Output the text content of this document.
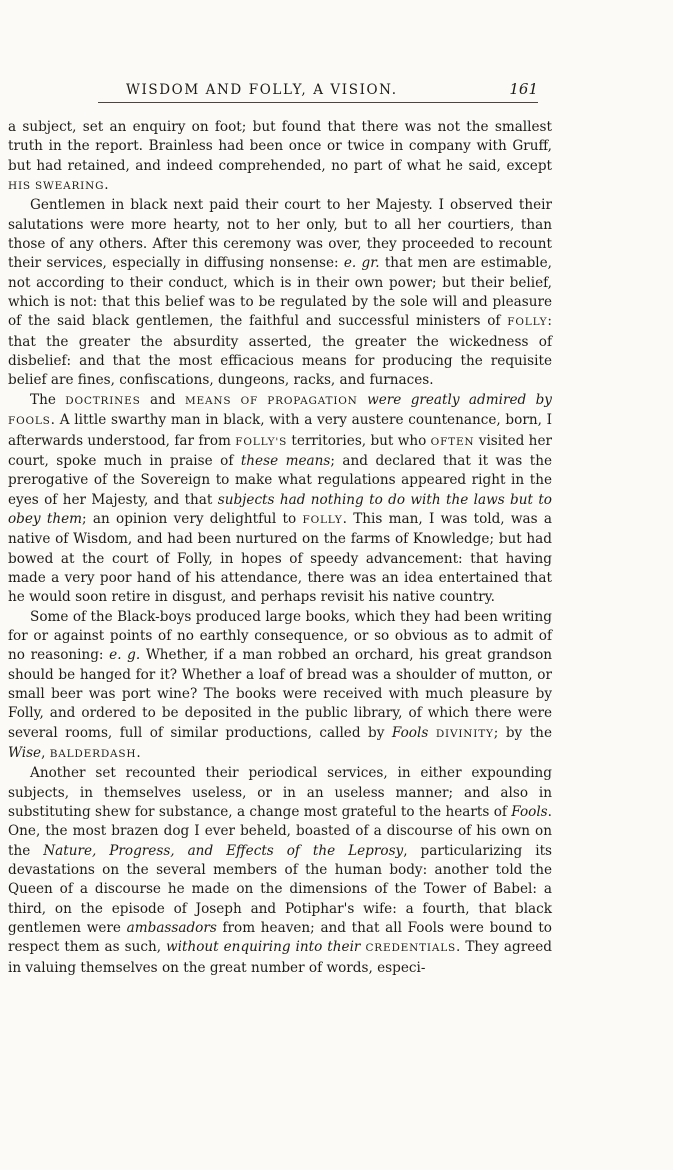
WISDOM AND FOLLY, A VISION.	161

a subject, set an enquiry on foot; but found that there was not the smallest truth in the report. Brainless had been once or twice in company with Gruff, but had retained, and indeed comprehended, no part of what he said, except HIS SWEARING.

Gentlemen in black next paid their court to her Majesty. I observed their salutations were more hearty, not to her only, but to all her courtiers, than those of any others. After this ceremony was over, they proceeded to recount their services, especially in diffusing nonsense: e. gr. that men are estimable, not according to their conduct, which is in their own power; but their belief, which is not: that this belief was to be regulated by the sole will and pleasure of the said black gentlemen, the faithful and successful ministers of FOLLY: that the greater the absurdity asserted, the greater the wickedness of disbelief: and that the most efficacious means for producing the requisite belief are fines, confiscations, dungeons, racks, and furnaces.

The DOCTRINES and MEANS OF PROPAGATION were greatly admired by FOOLS. A little swarthy man in black, with a very austere countenance, born, I afterwards understood, far from FOLLY'S territories, but who OFTEN visited her court, spoke much in praise of these means; and declared that it was the prerogative of the Sovereign to make what regulations appeared right in the eyes of her Majesty, and that subjects had nothing to do with the laws but to obey them; an opinion very delightful to FOLLY. This man, I was told, was a native of Wisdom, and had been nurtured on the farms of Knowledge; but had bowed at the court of Folly, in hopes of speedy advancement: that having made a very poor hand of his attendance, there was an idea entertained that he would soon retire in disgust, and perhaps revisit his native country.

Some of the Black-boys produced large books, which they had been writing for or against points of no earthly consequence, or so obvious as to admit of no reasoning: e. g. Whether, if a man robbed an orchard, his great grandson should be hanged for it? Whether a loaf of bread was a shoulder of mutton, or small beer was port wine? The books were received with much pleasure by Folly, and ordered to be deposited in the public library, of which there were several rooms, full of similar productions, called by Fools DIVINITY; by the Wise, BALDERDASH.

Another set recounted their periodical services, in either expounding subjects, in themselves useless, or in an useless manner; and also in substituting shew for substance, a change most grateful to the hearts of Fools. One, the most brazen dog I ever beheld, boasted of a discourse of his own on the Nature, Progress, and Effects of the Leprosy, particularizing its devastations on the several members of the human body: another told the Queen of a discourse he made on the dimensions of the Tower of Babel: a third, on the episode of Joseph and Potiphar's wife: a fourth, that black gentlemen were ambassadors from heaven; and that all Fools were bound to respect them as such, without enquiring into their CREDENTIALS. They agreed in valuing themselves on the great number of words, especi-
